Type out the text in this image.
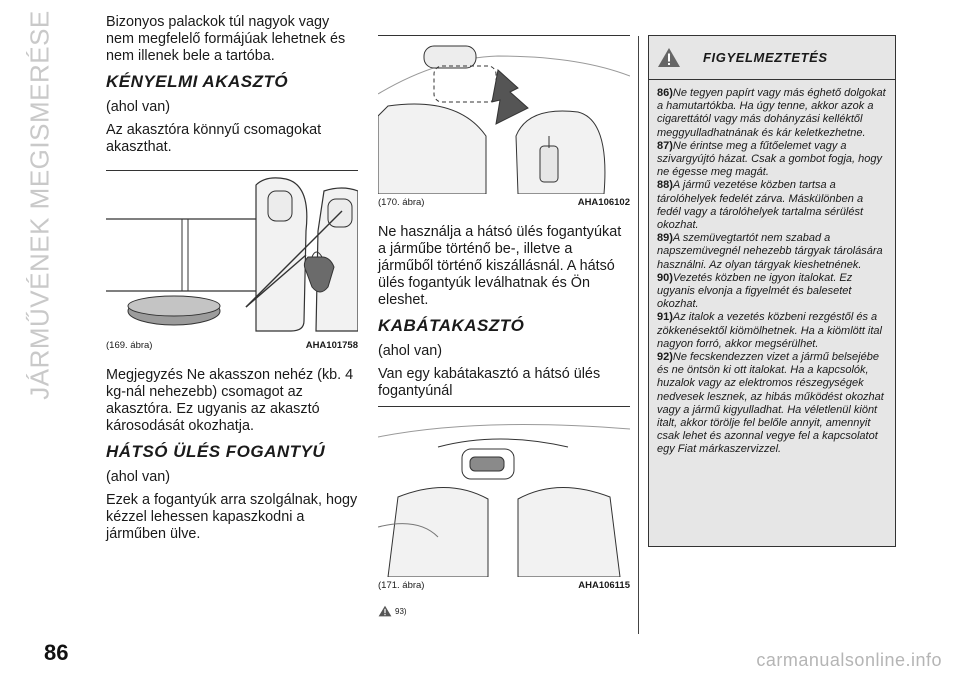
JÁRMŰVÉNEK MEGISMERÉSE	Bizonyos palackok túl nagyok vagy nem megfelelő formájúak lehetnek és nem illenek bele a tartóba.

KÉNYELMI AKASZTÓ

(ahol van)

Az akasztóra könnyű csomagokat akaszthat.

(169. ábra)	AHA101758

Megjegyzés Ne akasszon nehéz (kb. 4 kg-nál nehezebb) csomagot az akasztóra. Ez ugyanis az akasztó károsodását okozhatja.

HÁTSÓ ÜLÉS FOGANTYÚ

(ahol van)

Ezek a fogantyúk arra szolgálnak, hogy kézzel lehessen kapaszkodni a járműben ülve.

(170. ábra)	AHA106102

Ne használja a hátsó ülés fogantyúkat a járműbe történő be-, illetve a járműből történő kiszállásnál. A hátsó ülés fogantyúk leválhatnak és Ön eleshet.

KABÁTAKASZTÓ

(ahol van)

Van egy kabátakasztó a hátsó ülés fogantyúnál

(171. ábra)	AHA106115
93)
FIGYELMEZTETÉS

86)Ne tegyen papírt vagy más éghető dolgokat a hamutartókba. Ha úgy tenne, akkor azok a cigarettától vagy más dohányzási kelléktől meggyulladhatnának és kár keletkezhetne.

87)Ne érintse meg a fűtőelemet vagy a szivargyújtó házat. Csak a gombot fogja, hogy ne égesse meg magát.

88)A jármű vezetése közben tartsa a tárolóhelyek fedelét zárva. Máskülönben a fedél vagy a tárolóhelyek tartalma sérülést okozhat.

89)A szemüvegtartót nem szabad a napszemüvegnél nehezebb tárgyak tárolására használni. Az olyan tárgyak kieshetnének.

90)Vezetés közben ne igyon italokat. Ez ugyanis elvonja a figyelmét és balesetet okozhat.

91)Az italok a vezetés közbeni rezgéstől és a zökkenésektől kiömölhetnek. Ha a kiömlött ital nagyon forró, akkor megsérülhet.

92)Ne fecskendezzen vizet a jármű belsejébe és ne öntsön ki ott italokat. Ha a kapcsolók, huzalok vagy az elektromos részegységek nedvesek lesznek, az hibás működést okozhat vagy a jármű kigyulladhat. Ha véletlenül kiönt italt, akkor törölje fel belőle annyit, amennyit csak lehet és azonnal vegye fel a kapcsolatot egy Fiat márkaszervizzel.

86	carmanualsonline.info
